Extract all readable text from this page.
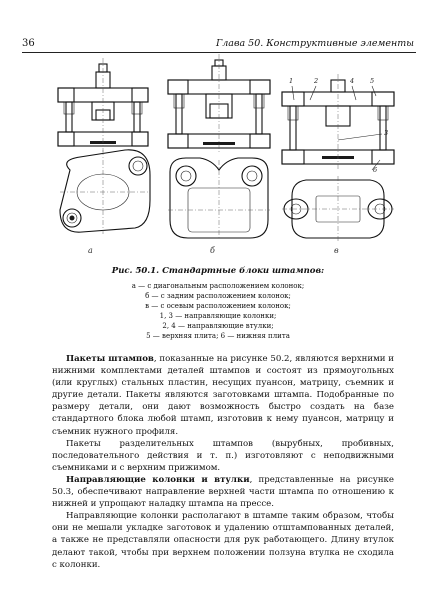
36	Глава 50. Конструктивные элементы
а	б	в
1	2	4 5
3
6
Рис. 50.1. Стандартные блоки штампов:
а — с диагональным расположением колонок;
б — с задним расположением колонок;
в — с осевым расположением колонок;
1, 3 — направляющие колонки;
2, 4 — направляющие втулки;
5 — верхняя плита; 6 — нижняя плита

Пакеты штампов, показанные на рисунке 50.2, являются верхними и нижними комплектами деталей штампов и состоят из прямоугольных (или круглых) стальных пластин, несущих пуансон, матрицу, съемник и другие детали. Пакеты являются заготовками штампа. Подобранные по размеру детали, они дают возможность быстро создать на базе стандартного блока любой штамп, изготовив к нему пуансон, матрицу и съемник нужного профиля.

Пакеты разделительных штампов (вырубных, пробивных, последовательного действия и т. п.) изготовляют с неподвижными съемниками и с верхним прижимом.

Направляющие колонки и втулки, представленные на рисунке 50.3, обеспечивают направление верхней части штампа по отношению к нижней и упрощают наладку штампа на прессе.

Направляющие колонки располагают в штампе таким образом, чтобы они не мешали укладке заготовок и удалению отштампованных деталей, а также не представляли опасности для рук работающего. Длину втулок делают такой, чтобы при верхнем положении ползуна втулка не сходила с колонки.
